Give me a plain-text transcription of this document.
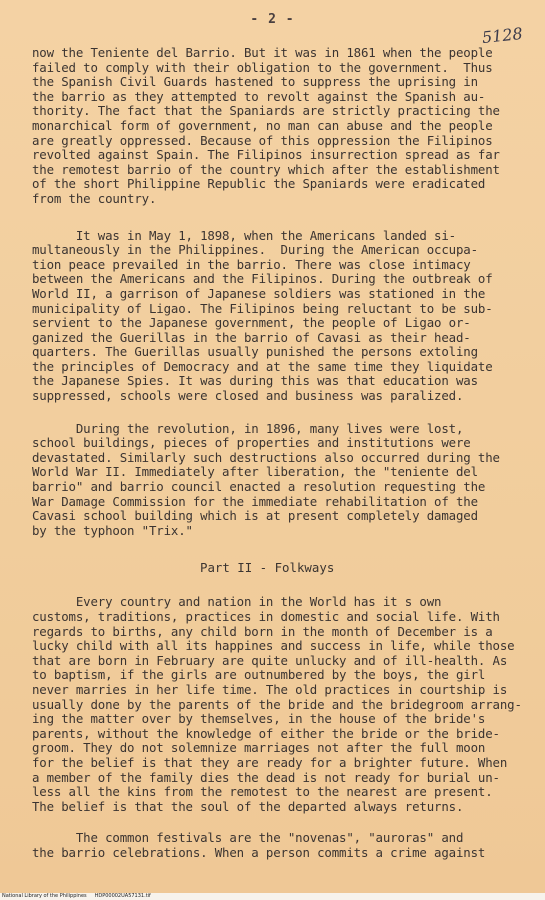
- 2 -
5128

now the Teniente del Barrio. But it was in 1861 when the people
failed to comply with their obligation to the government.  Thus
the Spanish Civil Guards hastened to suppress the uprising in
the barrio as they attempted to revolt against the Spanish au-
thority. The fact that the Spaniards are strictly practicing the
monarchical form of government, no man can abuse and the people
are greatly oppressed. Because of this oppression the Filipinos
revolted against Spain. The Filipinos insurrection spread as far
the remotest barrio of the country which after the establishment
of the short Philippine Republic the Spaniards were eradicated
from the country.

It was in May 1, 1898, when the Americans landed si-
multaneously in the Philippines.  During the American occupa-
tion peace prevailed in the barrio. There was close intimacy
between the Americans and the Filipinos. During the outbreak of
World II, a garrison of Japanese soldiers was stationed in the
municipality of Ligao. The Filipinos being reluctant to be sub-
servient to the Japanese government, the people of Ligao or-
ganized the Guerillas in the barrio of Cavasi as their head-
quarters. The Guerillas usually punished the persons extoling
the principles of Democracy and at the same time they liquidate
the Japanese Spies. It was during this was that education was
suppressed, schools were closed and business was paralized.

During the revolution, in 1896, many lives were lost,
school buildings, pieces of properties and institutions were
devastated. Similarly such destructions also occurred during the
World War II. Immediately after liberation, the "teniente del
barrio" and barrio council enacted a resolution requesting the
War Damage Commission for the immediate rehabilitation of the
Cavasi school building which is at present completely damaged
by the typhoon "Trix."

Part II - Folkways

Every country and nation in the World has it s own
customs, traditions, practices in domestic and social life. With
regards to births, any child born in the month of December is a
lucky child with all its happines and success in life, while those
that are born in February are quite unlucky and of ill-health. As
to baptism, if the girls are outnumbered by the boys, the girl
never marries in her life time. The old practices in courtship is
usually done by the parents of the bride and the bridegroom arrang-
ing the matter over by themselves, in the house of the bride's
parents, without the knowledge of either the bride or the bride-
groom. They do not solemnize marriages not after the full moon
for the belief is that they are ready for a brighter future. When
a member of the family dies the dead is not ready for burial un-
less all the kins from the remotest to the nearest are present.
The belief is that the soul of the departed always returns.

The common festivals are the "novenas", "auroras" and
the barrio celebrations. When a person commits a crime against

National Library of the Philippines     HDP00002UA57131.tif
